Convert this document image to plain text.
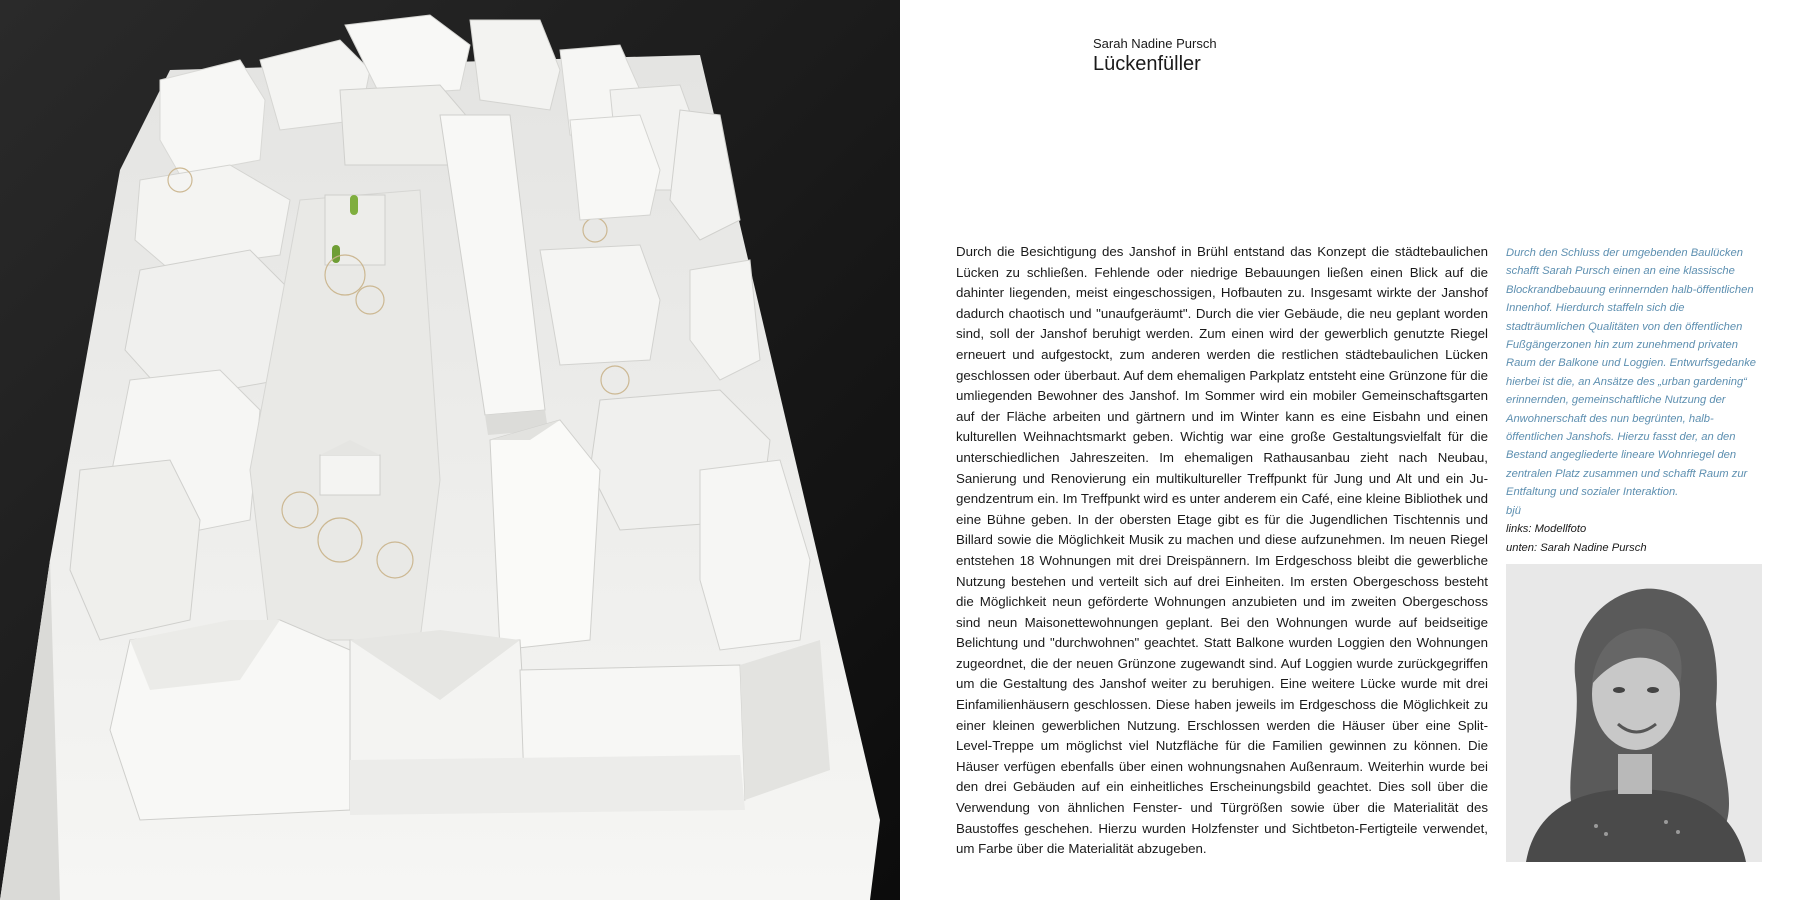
Sarah Nadine Pursch
Lückenfüller

Durch die Besichtigung des Janshof in Brühl entstand das Konzept die städtebaulichen Lücken zu schließen. Fehlende oder niedrige Bebauungen ließen einen Blick auf die dahinter liegenden, meist eingeschossigen, Hofbauten zu. Insgesamt wirkte der Janshof dadurch chaotisch und "unaufgeräumt". Durch die vier Gebäude, die neu geplant worden sind, soll der Janshof beruhigt werden. Zum einen wird der gewerblich genutzte Riegel erneuert und aufgestockt, zum anderen werden die restlichen städtebaulichen Lücken geschlossen oder überbaut. Auf dem ehemaligen Parkplatz entsteht eine Grünzone für die umliegenden Bewohner des Janshof. Im Sommer wird ein mobiler Gemeinschaftsgarten auf der Fläche arbeiten und gärtnern und im Winter kann es eine Eisbahn und einen kulturellen Weihnachtsmarkt geben. Wichtig war eine große Gestaltungsvielfalt für die unterschiedlichen Jahreszeiten. Im ehemaligen Rathausanbau zieht nach Neubau, Sanierung und Renovierung ein multikultureller Treffpunkt für Jung und Alt und ein Jugendzentrum ein. Im Treffpunkt wird es unter anderem ein Café, eine kleine Bibliothek und eine Bühne geben. In der obersten Etage gibt es für die Jugendlichen Tischtennis und Billard sowie die Möglichkeit Musik zu machen und diese aufzunehmen. Im neuen Riegel entstehen 18 Wohnungen mit drei Dreispännern. Im Erdgeschoss bleibt die gewerbliche Nutzung bestehen und verteilt sich auf drei Einheiten. Im ersten Obergeschoss besteht die Möglichkeit neun geförderte Wohnungen anzubieten und im zweiten Obergeschoss sind neun Maisonettewohnungen geplant. Bei den Wohnungen wurde auf beidseitige Belichtung und "durchwohnen" geachtet. Statt Balkone wurden Loggien den Wohnungen zugeordnet, die der neuen Grünzone zugewandt sind. Auf Loggien wurde zurückgegriffen um die Gestaltung des Janshof weiter zu beruhigen. Eine weitere Lücke wurde mit drei Einfamilienhäusern geschlossen. Diese haben jeweils im Erdgeschoss die Möglichkeit zu einer kleinen gewerblichen Nutzung. Erschlossen werden die Häuser über eine Split-Level-Treppe um möglichst viel Nutzfläche für die Familien gewinnen zu können. Die Häuser verfügen ebenfalls über einen wohnungsnahen Außenraum. Weiterhin wurde bei den drei Gebäuden auf ein einheitliches Erscheinungsbild geachtet. Dies soll über die Verwendung von ähnlichen Fenster- und Türgrößen sowie über die Materialität des Baustoffes geschehen. Hierzu wurden Holzfenster und Sichtbeton-Fertigteile verwendet, um Farbe über die Materialität abzugeben.

Durch den Schluss der umgebenden Baulücken schafft Sarah Pursch einen an eine klassische Blockrandbebauung erinnernden halb-öffentlichen Innenhof. Hierdurch staffeln sich die stadträumlichen Qualitäten von den öffentlichen Fußgängerzonen hin zum zunehmend privaten Raum der Balkone und Loggien. Entwurfsgedanke hierbei ist die, an Ansätze des „urban gardening“ erinnernden, gemeinschaftliche Nutzung der Anwohnerschaft des nun begrünten, halb-öffentlichen Janshofs. Hierzu fasst der, an den Bestand angegliederte lineare Wohnriegel den zentralen Platz zusammen und schafft Raum zur Entfaltung und sozialer Interaktion.
bjü
links: Modellfoto
unten: Sarah Nadine Pursch
